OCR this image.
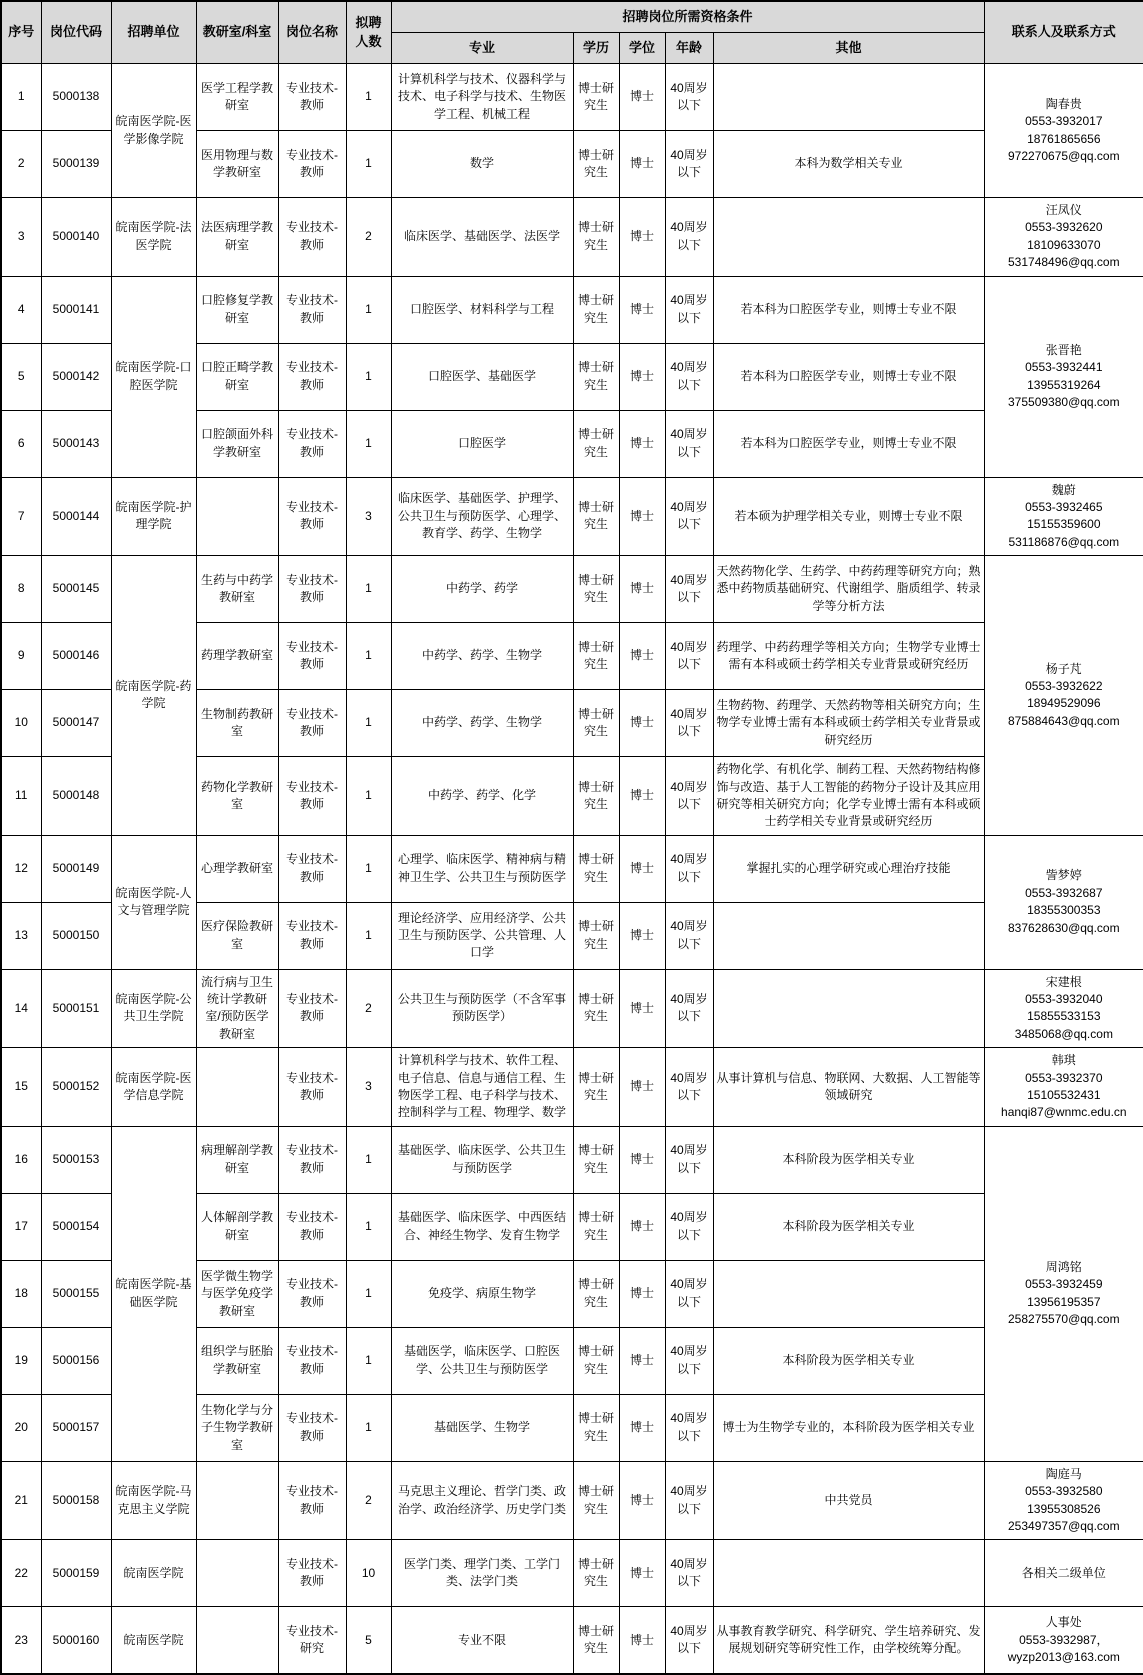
序号	岗位代码	招聘单位	教研室/科室	岗位名称	拟聘人数	招聘岗位所需资格条件					联系人及联系方式
						专业	学历	学位	年龄	其他	
1	5000138	皖南医学院-医学影像学院	医学工程学教研室	专业技术-教师	1	计算机科学与技术、仪器科学与技术、电子科学与技术、生物医学工程、机械工程	博士研究生	博士	40周岁以下		陶春贵
0553-3932017
18761865656
972270675@qq.com
2	5000139		医用物理与数学教研室	专业技术-教师	1	数学	博士研究生	博士	40周岁以下	本科为数学相关专业	
3	5000140	皖南医学院-法医学院	法医病理学教研室	专业技术-教师	2	临床医学、基础医学、法医学	博士研究生	博士	40周岁以下		汪凤仪
0553-3932620
18109633070
531748496@qq.com
4	5000141	皖南医学院-口腔医学院	口腔修复学教研室	专业技术-教师	1	口腔医学、材料科学与工程	博士研究生	博士	40周岁以下	若本科为口腔医学专业，则博士专业不限	张晋艳
0553-3932441
13955319264
375509380@qq.com
5	5000142		口腔正畸学教研室	专业技术-教师	1	口腔医学、基础医学	博士研究生	博士	40周岁以下	若本科为口腔医学专业，则博士专业不限	
6	5000143		口腔颌面外科学教研室	专业技术-教师	1	口腔医学	博士研究生	博士	40周岁以下	若本科为口腔医学专业，则博士专业不限	
7	5000144	皖南医学院-护理学院		专业技术-教师	3	临床医学、基础医学、护理学、公共卫生与预防医学、心理学、教育学、药学、生物学	博士研究生	博士	40周岁以下	若本硕为护理学相关专业，则博士专业不限	魏蔚
0553-3932465
15155359600
531186876@qq.com
8	5000145	皖南医学院-药学院	生药与中药学教研室	专业技术-教师	1	中药学、药学	博士研究生	博士	40周岁以下	天然药物化学、生药学、中药药理等研究方向；熟悉中药物质基础研究、代谢组学、脂质组学、转录学等分析方法	杨子芃
0553-3932622
18949529096
875884643@qq.com
9	5000146		药理学教研室	专业技术-教师	1	中药学、药学、生物学	博士研究生	博士	40周岁以下	药理学、中药药理学等相关方向；生物学专业博士需有本科或硕士药学相关专业背景或研究经历	
10	5000147		生物制药教研室	专业技术-教师	1	中药学、药学、生物学	博士研究生	博士	40周岁以下	生物药物、药理学、天然药物等相关研究方向；生物学专业博士需有本科或硕士药学相关专业背景或研究经历	
11	5000148		药物化学教研室	专业技术-教师	1	中药学、药学、化学	博士研究生	博士	40周岁以下	药物化学、有机化学、制药工程、天然药物结构修饰与改造、基于人工智能的药物分子设计及其应用研究等相关研究方向；化学专业博士需有本科或硕士药学相关专业背景或研究经历	
12	5000149	皖南医学院-人文与管理学院	心理学教研室	专业技术-教师	1	心理学、临床医学、精神病与精神卫生学、公共卫生与预防医学	博士研究生	博士	40周岁以下	掌握扎实的心理学研究或心理治疗技能	訾梦婷
0553-3932687
18355300353
837628630@qq.com
13	5000150		医疗保险教研室	专业技术-教师	1	理论经济学、应用经济学、公共卫生与预防医学、公共管理、人口学	博士研究生	博士	40周岁以下		
14	5000151	皖南医学院-公共卫生学院	流行病与卫生统计学教研室/预防医学教研室	专业技术-教师	2	公共卫生与预防医学（不含军事预防医学）	博士研究生	博士	40周岁以下		宋建根
0553-3932040
15855533153
3485068@qq.com
15	5000152	皖南医学院-医学信息学院		专业技术-教师	3	计算机科学与技术、软件工程、电子信息、信息与通信工程、生物医学工程、电子科学与技术、控制科学与工程、物理学、数学	博士研究生	博士	40周岁以下	从事计算机与信息、物联网、大数据、人工智能等领域研究	韩琪
0553-3932370
15105532431
hanqi87@wnmc.edu.cn
16	5000153	皖南医学院-基础医学院	病理解剖学教研室	专业技术-教师	1	基础医学、临床医学、公共卫生与预防医学	博士研究生	博士	40周岁以下	本科阶段为医学相关专业	周鸿铭
0553-3932459
13956195357
258275570@qq.com
17	5000154		人体解剖学教研室	专业技术-教师	1	基础医学、临床医学、中西医结合、神经生物学、发育生物学	博士研究生	博士	40周岁以下	本科阶段为医学相关专业	
18	5000155		医学微生物学与医学免疫学教研室	专业技术-教师	1	免疫学、病原生物学	博士研究生	博士	40周岁以下		
19	5000156		组织学与胚胎学教研室	专业技术-教师	1	基础医学，临床医学、口腔医学、公共卫生与预防医学	博士研究生	博士	40周岁以下	本科阶段为医学相关专业	
20	5000157		生物化学与分子生物学教研室	专业技术-教师	1	基础医学、生物学	博士研究生	博士	40周岁以下	博士为生物学专业的，本科阶段为医学相关专业	
21	5000158	皖南医学院-马克思主义学院		专业技术-教师	2	马克思主义理论、哲学门类、政治学、政治经济学、历史学门类	博士研究生	博士	40周岁以下	中共党员	陶庭马
0553-3932580
13955308526
253497357@qq.com
22	5000159	皖南医学院		专业技术-教师	10	医学门类、理学门类、工学门类、法学门类	博士研究生	博士	40周岁以下		各相关二级单位
23	5000160	皖南医学院		专业技术-研究	5	专业不限	博士研究生	博士	40周岁以下	从事教育教学研究、科学研究、学生培养研究、发展规划研究等研究性工作，由学校统筹分配。	人事处
0553-3932987，
wyzp2013@163.com
